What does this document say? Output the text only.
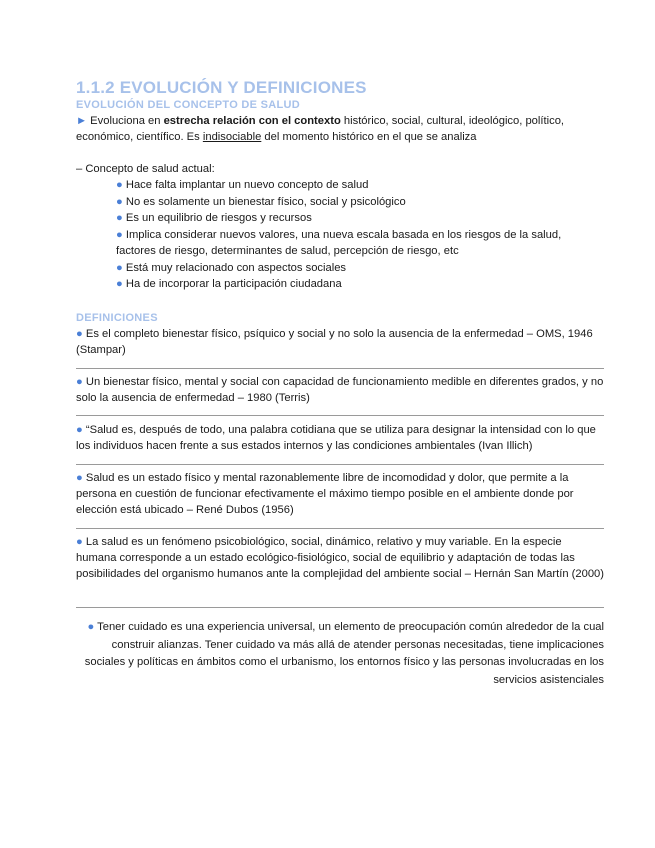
1.1.2 EVOLUCIÓN Y DEFINICIONES
EVOLUCIÓN DEL CONCEPTO DE SALUD
► Evoluciona en estrecha relación con el contexto histórico, social, cultural, ideológico, político, económico, científico. Es indisociable del momento histórico en el que se analiza
– Concepto de salud actual:
● Hace falta implantar un nuevo concepto de salud
● No es solamente un bienestar físico, social y psicológico
● Es un equilibrio de riesgos y recursos
● Implica considerar nuevos valores, una nueva escala basada en los riesgos de la salud, factores de riesgo, determinantes de salud, percepción de riesgo, etc
● Está muy relacionado con aspectos sociales
● Ha de incorporar la participación ciudadana
DEFINICIONES
● Es el completo bienestar físico, psíquico y social y no solo la ausencia de la enfermedad – OMS, 1946 (Stampar)
● Un bienestar físico, mental y social con capacidad de funcionamiento medible en diferentes grados, y no solo la ausencia de enfermedad – 1980 (Terris)
● “Salud es, después de todo, una palabra cotidiana que se utiliza para designar la intensidad con lo que los individuos hacen frente a sus estados internos y las condiciones ambientales (Ivan Illich)
● Salud es un estado físico y mental razonablemente libre de incomodidad y dolor, que permite a la persona en cuestión de funcionar efectivamente el máximo tiempo posible en el ambiente donde por elección está ubicado – René Dubos (1956)
● La salud es un fenómeno psicobiológico, social, dinámico, relativo y muy variable. En la especie humana corresponde a un estado ecológico-fisiológico, social de equilibrio y adaptación de todas las posibilidades del organismo humanos ante la complejidad del ambiente social – Hernán San Martín (2000)
● Tener cuidado es una experiencia universal, un elemento de preocupación común alrededor de la cual construir alianzas. Tener cuidado va más allá de atender personas necesitadas, tiene implicaciones sociales y políticas en ámbitos como el urbanismo, los entornos físico y las personas involucradas en los servicios asistenciales
